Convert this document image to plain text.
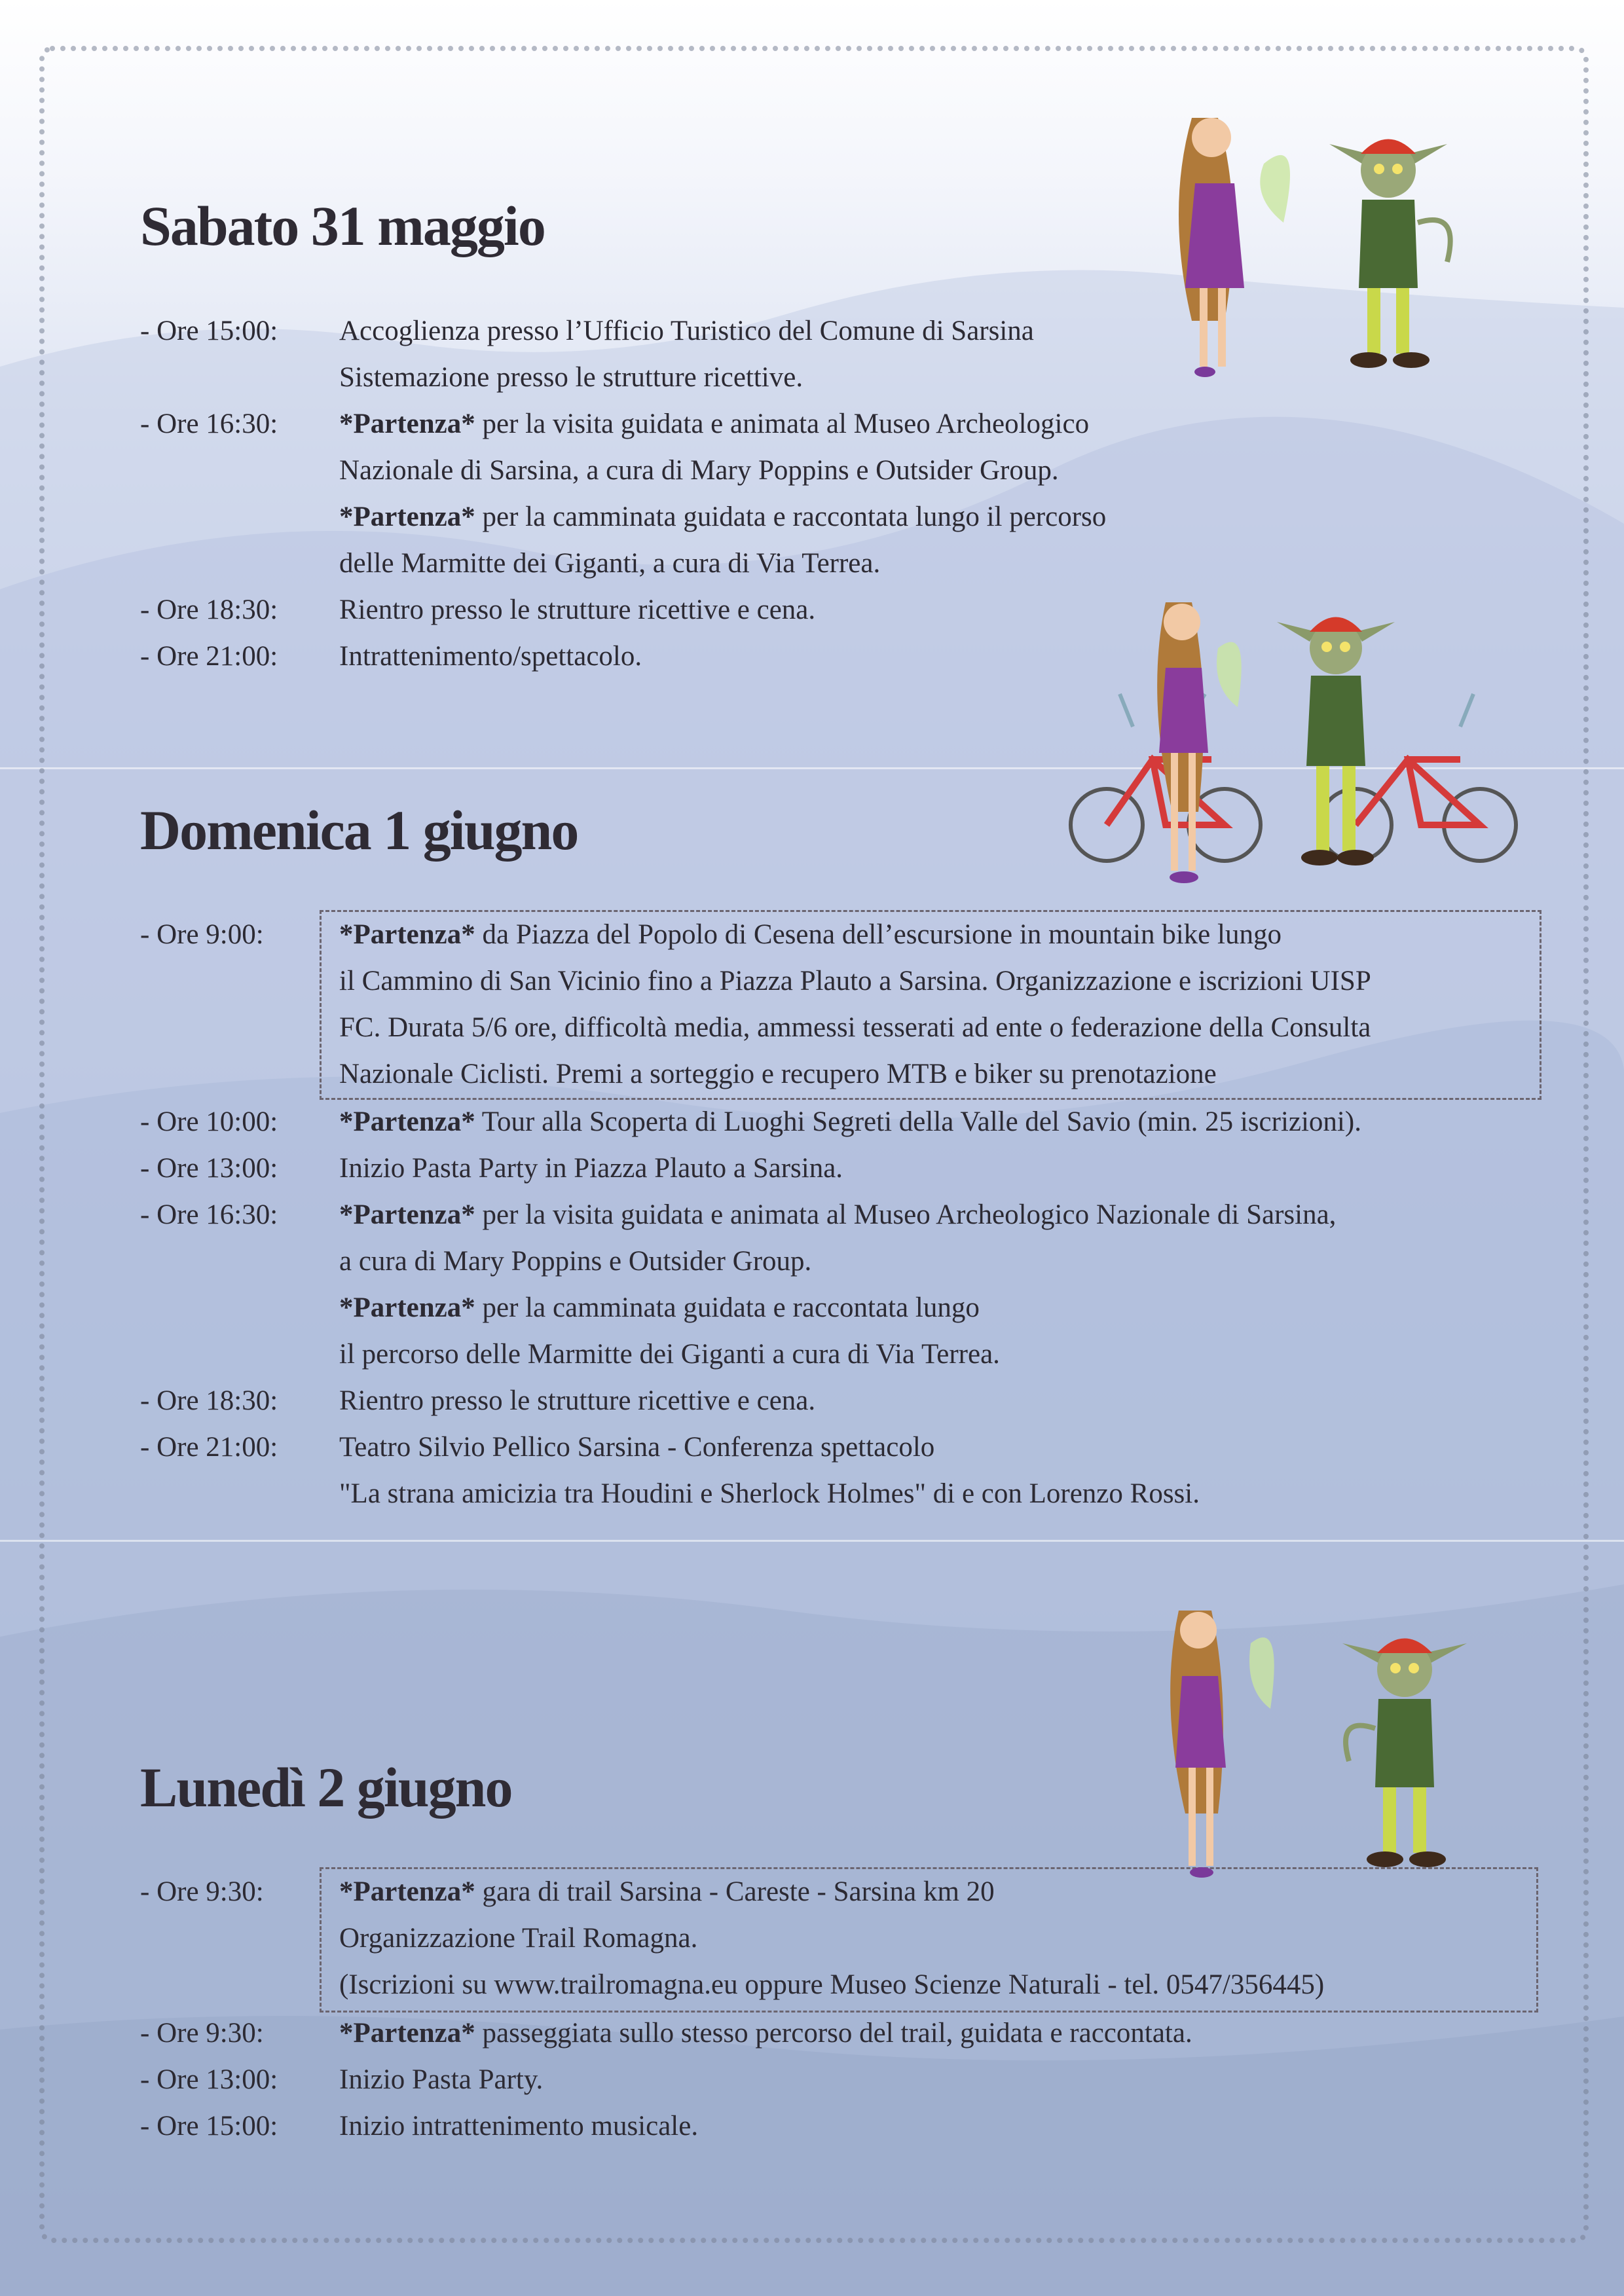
Sabato 31 maggio
- Ore 15:00: Accoglienza presso l’Ufficio Turistico del Comune di Sarsina
Sistemazione presso le strutture ricettive.
- Ore 16:30: *Partenza* per la visita guidata e animata al Museo Archeologico
Nazionale di Sarsina, a cura di Mary Poppins e Outsider Group.
*Partenza* per la camminata guidata e raccontata lungo il percorso
delle Marmitte dei Giganti, a cura di Via Terrea.
- Ore 18:30: Rientro presso le strutture ricettive e cena.
- Ore 21:00: Intrattenimento/spettacolo.
Domenica 1 giugno
- Ore 9:00:	*Partenza* da Piazza del Popolo di Cesena dell’escursione in mountain bike lungo
il Cammino di San Vicinio fino a Piazza Plauto a Sarsina. Organizzazione e iscrizioni UISP
FC. Durata 5/6 ore, difficoltà media, ammessi tesserati ad ente o federazione della Consulta
Nazionale Ciclisti. Premi a sorteggio e recupero MTB e biker su prenotazione
- Ore 10:00: *Partenza* Tour alla Scoperta di Luoghi Segreti della Valle del Savio (min. 25 iscrizioni).
- Ore 13:00: Inizio Pasta Party in Piazza Plauto a Sarsina.
- Ore 16:30: *Partenza* per la visita guidata e animata al Museo Archeologico Nazionale di Sarsina,
a cura di Mary Poppins e Outsider Group.
*Partenza* per la camminata guidata e raccontata lungo
il percorso delle Marmitte dei Giganti a cura di Via Terrea.
- Ore 18:30: Rientro presso le strutture ricettive e cena.
- Ore 21:00: Teatro Silvio Pellico Sarsina - Conferenza spettacolo
"La strana amicizia tra Houdini e Sherlock Holmes" di e con Lorenzo Rossi.
Lunedì 2 giugno
- Ore 9:30:	*Partenza* gara di trail Sarsina - Careste - Sarsina km 20
Organizzazione Trail Romagna.
(Iscrizioni su www.trailromagna.eu oppure Museo Scienze Naturali - tel. 0547/356445)
- Ore 9:30:	*Partenza* passeggiata sullo stesso percorso del trail, guidata e raccontata.
- Ore 13:00: Inizio Pasta Party.
- Ore 15:00: Inizio intrattenimento musicale.
